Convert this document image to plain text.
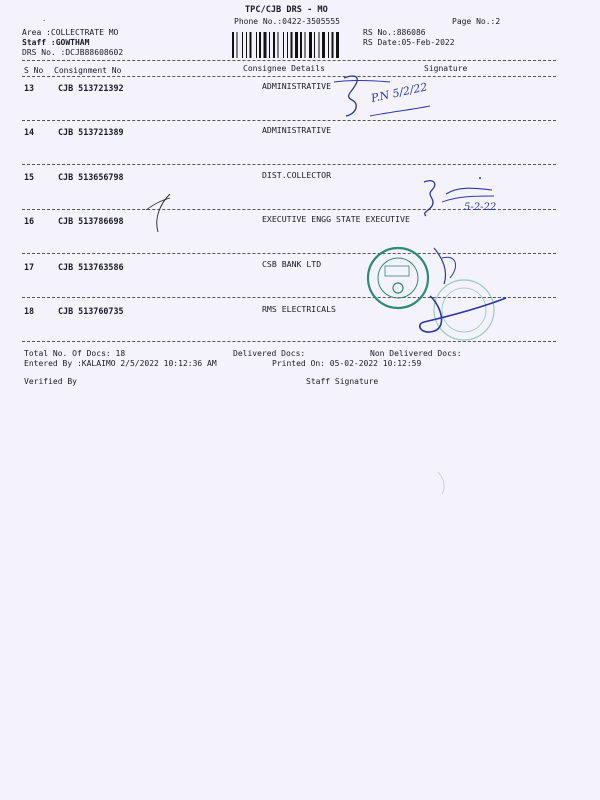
TPC/CJB DRS - MO
Phone No.:0422-3505555	Page No.:2
Area :COLLECTRATE MO
Staff :GOWTHAM
DRS No. :DCJB88608602
RS No.:886086
RS Date:05-Feb-2022
·
S No Consignment No	Consignee Details	Signature
13	CJB 513721392	ADMINISTRATIVE
14	CJB 513721389	ADMINISTRATIVE
15	CJB 513656798	DIST.COLLECTOR
16	CJB 513786698	EXECUTIVE ENGG STATE EXECUTIVE
17	CJB 513763586	CSB BANK LTD
18	CJB 513760735	RMS ELECTRICALS
Total No. Of Docs: 18	Delivered Docs:	Non Delivered Docs:
Entered By :KALAIMO 2/5/2022 10:12:36 AM	Printed On: 05-02-2022 10:12:59
Verified By	Staff Signature
P.N 5/2/22
5-2-22
